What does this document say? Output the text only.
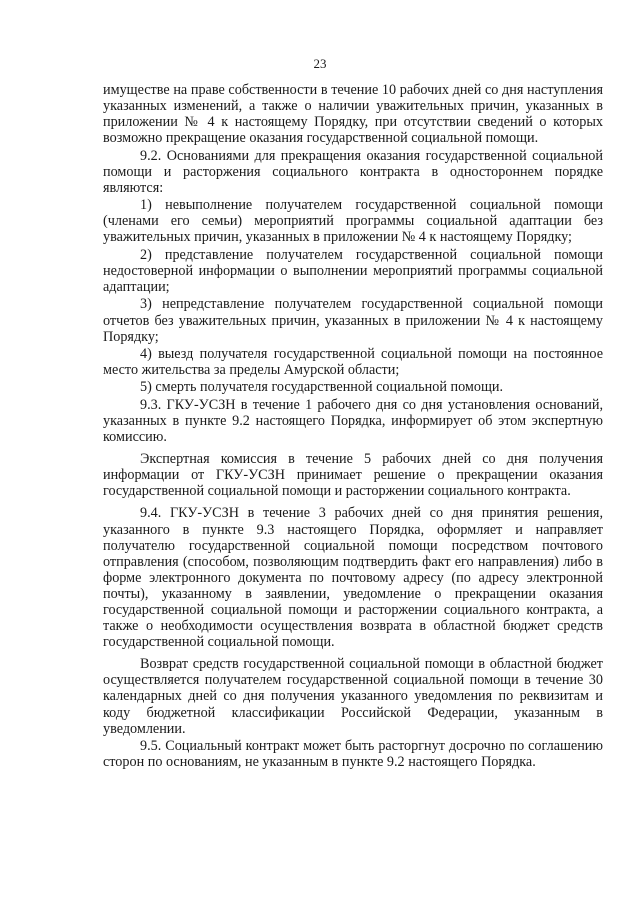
23

имуществе на праве собственности в течение 10 рабочих дней со дня наступления указанных изменений, а также о наличии уважительных причин, указанных в приложении № 4 к настоящему Порядку, при отсутствии сведений о которых возможно прекращение оказания государственной социальной помощи.

9.2. Основаниями для прекращения оказания государственной социальной помощи и расторжения социального контракта в одностороннем порядке являются:

1) невыполнение получателем государственной социальной помощи (членами его семьи) мероприятий программы социальной адаптации без уважительных причин, указанных в приложении № 4 к настоящему Порядку;

2) представление получателем государственной социальной помощи недостоверной информации о выполнении мероприятий программы социальной адаптации;

3) непредставление получателем государственной социальной помощи отчетов без уважительных причин, указанных в приложении № 4 к настоящему Порядку;

4) выезд получателя государственной социальной помощи на постоянное место жительства за пределы Амурской области;

5) смерть получателя государственной социальной помощи.

9.3. ГКУ-УСЗН в течение 1 рабочего дня со дня установления оснований, указанных в пункте 9.2 настоящего Порядка, информирует об этом экспертную комиссию.

Экспертная комиссия в течение 5 рабочих дней со дня получения информации от ГКУ-УСЗН принимает решение о прекращении оказания государственной социальной помощи и расторжении социального контракта.

9.4. ГКУ-УСЗН в течение 3 рабочих дней со дня принятия решения, указанного в пункте 9.3 настоящего Порядка, оформляет и направляет получателю государственной социальной помощи посредством почтового отправления (способом, позволяющим подтвердить факт его направления) либо в форме электронного документа по почтовому адресу (по адресу электронной почты), указанному в заявлении, уведомление о прекращении оказания государственной социальной помощи и расторжении социального контракта, а также о необходимости осуществления возврата в областной бюджет средств государственной социальной помощи.

Возврат средств государственной социальной помощи в областной бюджет осуществляется получателем государственной социальной помощи в течение 30 календарных дней со дня получения указанного уведомления по реквизитам и коду бюджетной классификации Российской Федерации, указанным в уведомлении.

9.5. Социальный контракт может быть расторгнут досрочно по соглашению сторон по основаниям, не указанным в пункте 9.2 настоящего Порядка.
